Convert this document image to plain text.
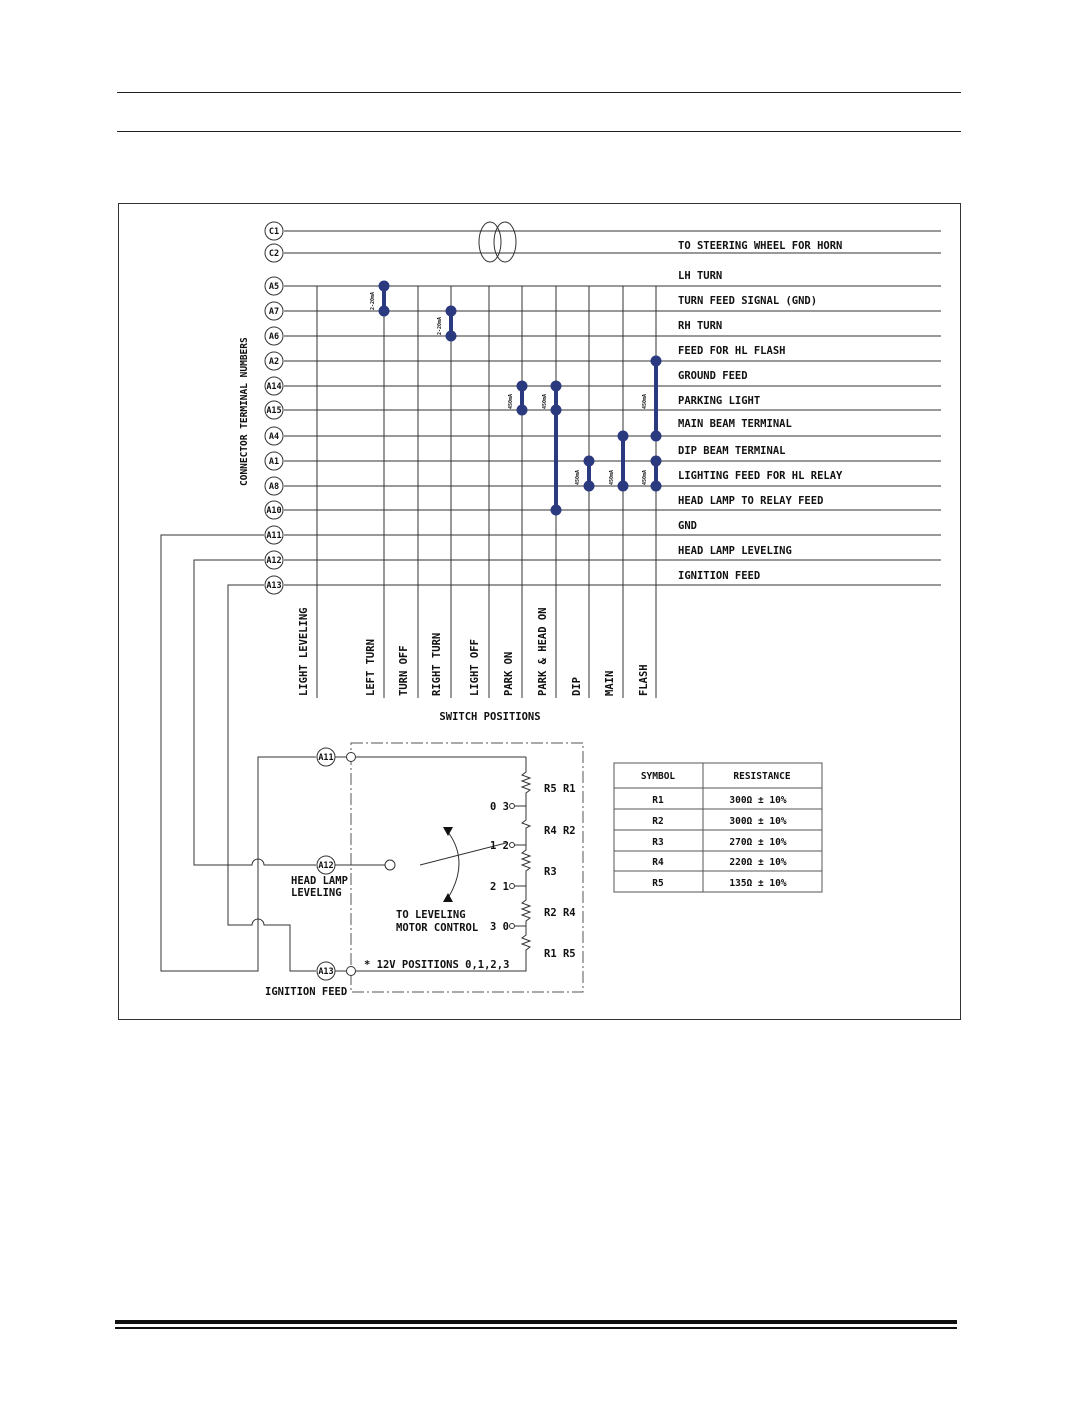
CONNECTOR TERMINAL NUMBERS
C1
C2
A5
A7
A6
A2
A14
A15
A4
A1
A8
A10
A11
A12
A13
TO STEERING WHEEL FOR HORN
LH TURN
TURN FEED SIGNAL (GND)
RH TURN
FEED FOR HL FLASH
GROUND FEED
PARKING LIGHT
MAIN BEAM TERMINAL
DIP BEAM TERMINAL
LIGHTING FEED FOR HL RELAY
HEAD LAMP TO RELAY FEED
GND
HEAD LAMP LEVELING
IGNITION FEED
2-20mA
2-20mA
450mA	450mA
450mA	450mA
450mA
450mA
LIGHT LEVELING	LEFT TURN TURN OFF RIGHT TURN LIGHT OFF PARK ON PARK & HEAD ON DIP MAIN FLASH
SWITCH POSITIONS
A11
A12
A13
0 3
1 2
2 1
3 0
R5 R1
R4 R2
R3
R2 R4
R1 R5
HEAD LAMP
LEVELING
TO LEVELING
MOTOR CONTROL
* 12V POSITIONS 0,1,2,3
IGNITION FEED
SYMBOL	RESISTANCE
R1	300Ω ± 10%
R2	300Ω ± 10%
R3	270Ω ± 10%
R4	220Ω ± 10%
R5	135Ω ± 10%
